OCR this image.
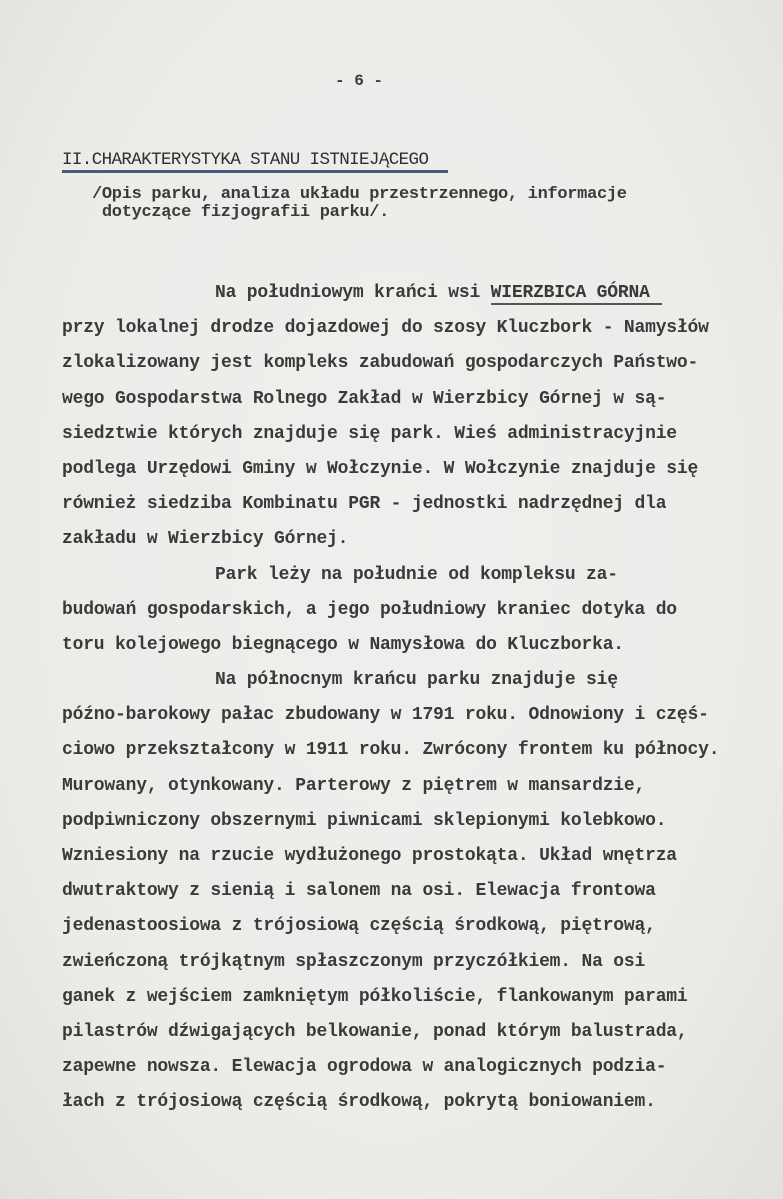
- 6 -
II.CHARAKTERYSTYKA STANU ISTNIEJĄCEGO
/Opis parku, analiza układu przestrzennego, informacje
dotyczące fizjografii parku/.
Na południowym krańci wsi WIERZBICA GÓRNA
przy lokalnej drodze dojazdowej do szosy Kluczbork - Namysłów
zlokalizowany jest kompleks zabudowań gospodarczych Państwo-
wego Gospodarstwa Rolnego Zakład w Wierzbicy Górnej w są-
siedztwie których znajduje się park. Wieś administracyjnie
podlega Urzędowi Gminy w Wołczynie. W Wołczynie znajduje się
również siedziba Kombinatu PGR - jednostki nadrzędnej dla
zakładu w Wierzbicy Górnej.
Park leży na południe od kompleksu za-
budowań gospodarskich, a jego południowy kraniec dotyka do
toru kolejowego biegnącego w Namysłowa do Kluczborka.
Na północnym krańcu parku znajduje się
późno-barokowy pałac zbudowany w 1791 roku. Odnowiony i częś-
ciowo przekształcony w 1911 roku. Zwrócony frontem ku północy.
Murowany, otynkowany. Parterowy z piętrem w mansardzie,
podpiwniczony obszernymi piwnicami sklepionymi kolebkowo.
Wzniesiony na rzucie wydłużonego prostokąta. Układ wnętrza
dwutraktowy z sienią i salonem na osi. Elewacja frontowa
jedenastoosiowa z trójosiową częścią środkową, piętrową,
zwieńczoną trójkątnym spłaszczonym przyczółkiem. Na osi
ganek z wejściem zamkniętym półkoliście, flankowanym parami
pilastrów dźwigających belkowanie, ponad którym balustrada,
zapewne nowsza. Elewacja ogrodowa w analogicznych podzia-
łach z trójosiową częścią środkową, pokrytą boniowaniem.
